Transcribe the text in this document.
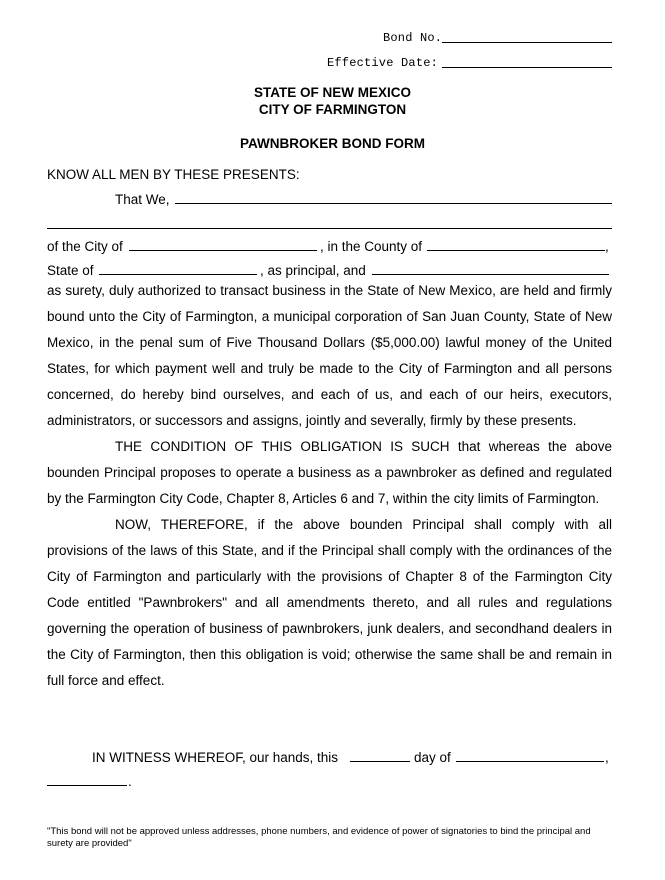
Bond No.
Effective Date:
STATE OF NEW MEXICO
CITY OF FARMINGTON
PAWNBROKER BOND FORM
KNOW ALL MEN BY THESE PRESENTS:
That We,
of the City of	, in the County of	,
State of	, as principal, and

as surety, duly authorized to transact business in the State of New Mexico, are held and firmly bound unto the City of Farmington, a municipal corporation of San Juan County, State of New Mexico, in the penal sum of Five Thousand Dollars ($5,000.00) lawful money of the United States, for which payment well and truly be made to the City of Farmington and all persons concerned, do hereby bind ourselves, and each of us, and each of our heirs, executors, administrators, or successors and assigns, jointly and severally, firmly by these presents.

THE CONDITION OF THIS OBLIGATION IS SUCH that whereas the above bounden Principal proposes to operate a business as a pawnbroker as defined and regulated by the Farmington City Code, Chapter 8, Articles 6 and 7, within the city limits of Farmington.

NOW, THEREFORE, if the above bounden Principal shall comply with all provisions of the laws of this State, and if the Principal shall comply with the ordinances of the City of Farmington and particularly with the provisions of Chapter 8 of the Farmington City Code entitled "Pawnbrokers" and all amendments thereto, and all rules and regulations governing the operation of business of pawnbrokers, junk dealers, and secondhand dealers in the City of Farmington, then this obligation is void; otherwise the same shall be and remain in full force and effect.

IN WITNESS WHEREOF, our hands, this	day of	,
.
"This bond will not be approved unless addresses, phone numbers, and evidence of power of signatories to bind the principal and surety are provided"
